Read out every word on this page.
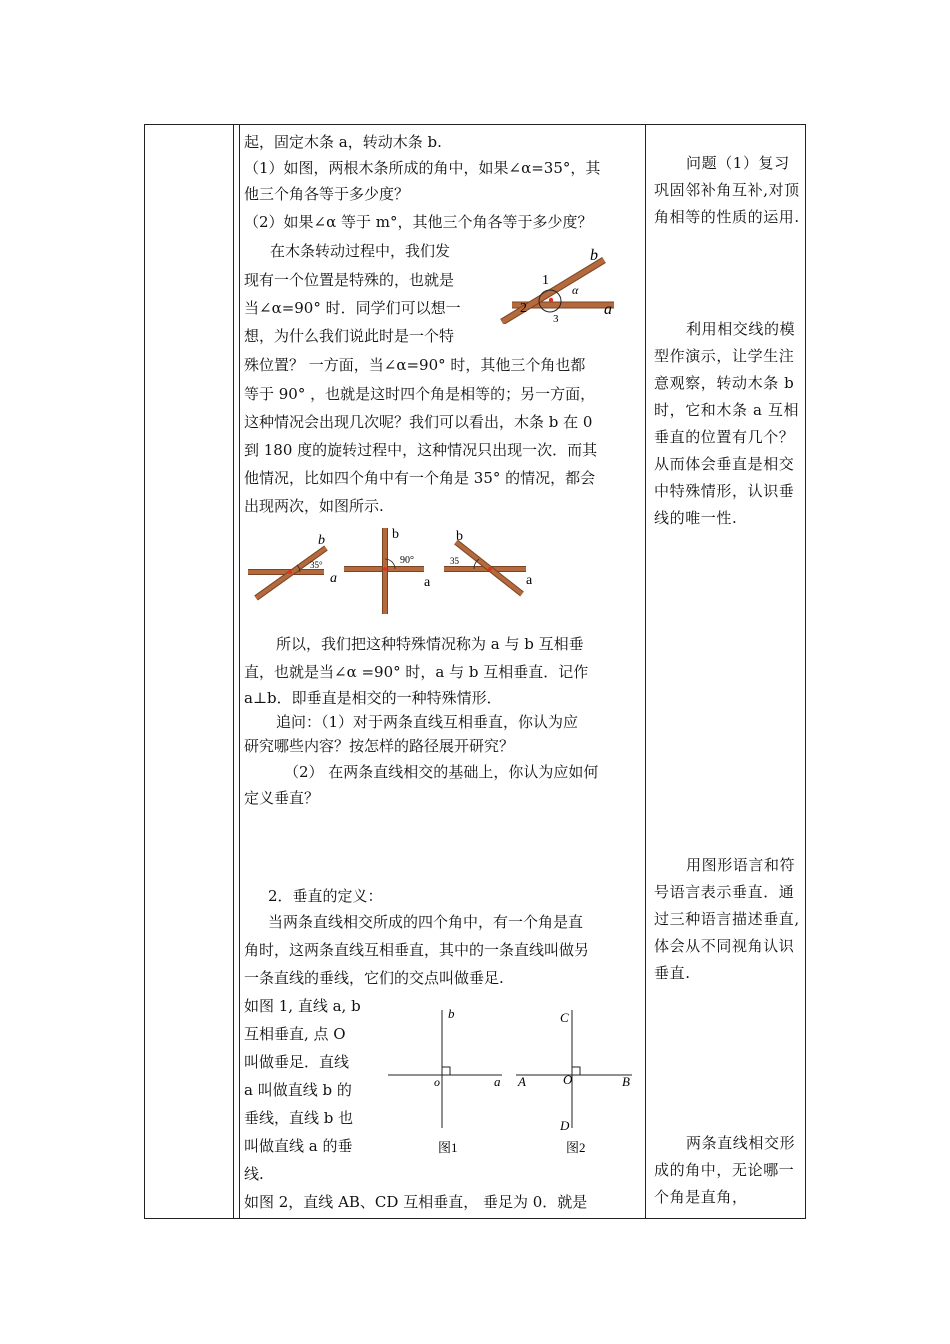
起，固定木条 a，转动木条 b.
（1）如图，两根木条所成的角中，如果∠α=35°，其
他三个角各等于多少度？
（2）如果∠α 等于 m°，其他三个角各等于多少度？
在木条转动过程中，我们发
现有一个位置是特殊的，也就是
当∠α=90° 时．同学们可以想一
想，为什么我们说此时是一个特
殊位置？ 一方面，当∠α=90° 时，其他三个角也都
等于 90° ，也就是这时四个角是相等的；另一方面，
这种情况会出现几次呢？我们可以看出，木条 b 在 0
到 180 度的旋转过程中，这种情况只出现一次．而其
他情况，比如四个角中有一个角是 35° 的情况，都会
出现两次，如图所示.
所以，我们把这种特殊情况称为 a 与 b 互相垂
直，也就是当∠α =90° 时，a 与 b 互相垂直．记作
a⊥b．即垂直是相交的一种特殊情形．
追问：（1）对于两条直线互相垂直，你认为应
研究哪些内容？按怎样的路径展开研究？
（2） 在两条直线相交的基础上，你认为应如何
定义垂直？
2．垂直的定义：
当两条直线相交所成的四个角中，有一个角是直
角时，这两条直线互相垂直，其中的一条直线叫做另
一条直线的垂线，它们的交点叫做垂足.
如图 1, 直线 a, b
互相垂直, 点 O
叫做垂足．直线
a 叫做直线 b 的
垂线，直线 b 也
叫做直线 a 的垂
线.
如图 2，直线 AB、CD 互相垂直， 垂足为 0．就是
问题（1）复习巩固邻补角互补,对顶角相等的性质的运用.
利用相交线的模型作演示，让学生注意观察，转动木条 b 时，它和木条 a 互相垂直的位置有几个？从而体会垂直是相交中特殊情形，认识垂线的唯一性.
用图形语言和符号语言表示垂直．通过三种语言描述垂直,体会从不同视角认识垂直.
两条直线相交形成的角中，无论哪一个角是直角，
1
2
3
α
b
a
35°
b
a
90°
b
a
35
b
a
b
o	a
图1
C
A	O	B
D
图2
